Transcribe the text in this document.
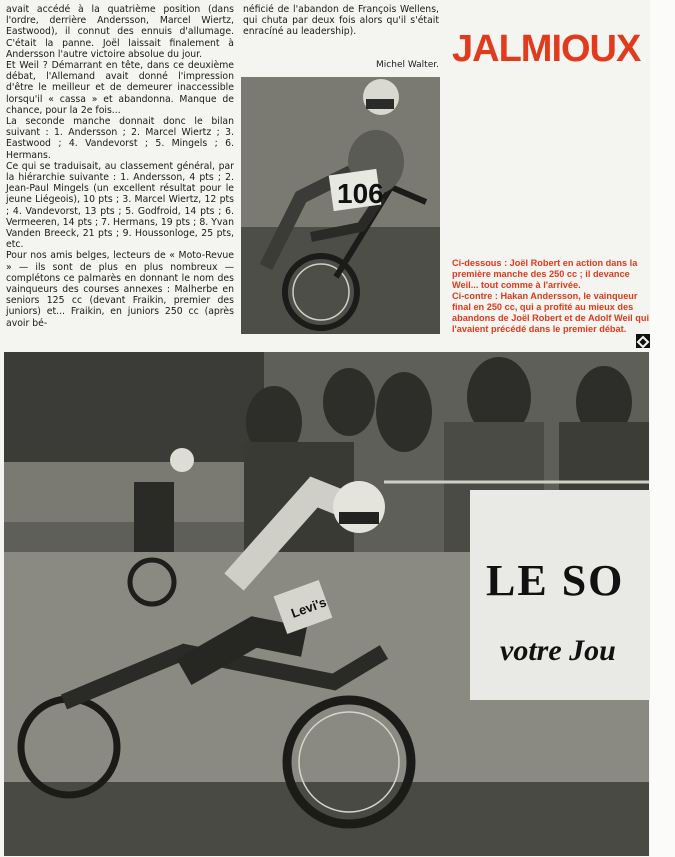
avait accédé à la quatrième position (dans l'ordre, derrière Andersson, Marcel Wiertz, Eastwood), il connut des ennuis d'allumage. C'était la panne. Joël laissait finalement à Andersson l'autre victoire absolue du jour.

Et Weil ? Démarrant en tête, dans ce deuxième débat, l'Allemand avait donné l'impression d'être le meilleur et de demeurer inaccessible lorsqu'il « cassa » et abandonna. Manque de chance, pour la 2e fois...

La seconde manche donnait donc le bilan suivant : 1. Andersson ; 2. Marcel Wiertz ; 3. Eastwood ; 4. Vandevorst ; 5. Mingels ; 6. Hermans.

Ce qui se traduisait, au classement général, par la hiérarchie suivante : 1. Andersson, 4 pts ; 2. Jean-Paul Mingels (un excellent résultat pour le jeune Liégeois), 10 pts ; 3. Marcel Wiertz, 12 pts ; 4. Vandevorst, 13 pts ; 5. Godfroid, 14 pts ; 6. Vermeeren, 14 pts ; 7. Hermans, 19 pts ; 8. Yvan Vanden Breeck, 21 pts ; 9. Houssonloge, 25 pts, etc.

Pour nos amis belges, lecteurs de « Moto-Revue » — ils sont de plus en plus nombreux — complétons ce palmarès en donnant le nom des vainqueurs des courses annexes : Malherbe en seniors 125 cc (devant Fraikin, premier des juniors) et... Fraikin, en juniors 250 cc (après avoir bé-

néficié de l'abandon de François Wellens, qui chuta par deux fois alors qu'il s'était enracíné au leadership).

Michel Walter.
106
JALMIOUX
Ci-dessous : Joël Robert en action dans la première manche des 250 cc ; il devance Weil... tout comme à l'arrivée.
Ci-contre : Hakan Andersson, le vainqueur final en 250 cc, qui a profité au mieux des abandons de Joël Robert et de Adolf Weil qui l'avaient précédé dans le premier débat.
Levi's
LE SO
votre Jou
